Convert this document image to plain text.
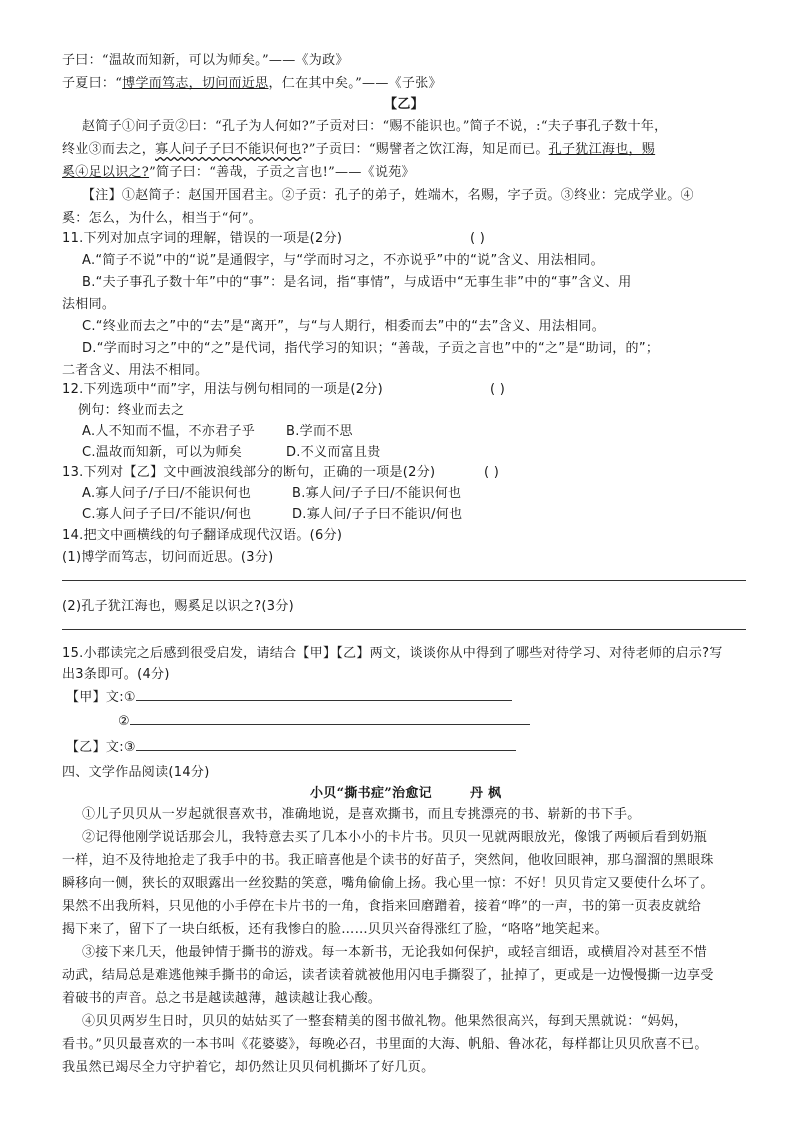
子曰：“温故而知新，可以为师矣。”——《为政》
子夏曰：“博学而笃志，切问而近思，仁在其中矣。”——《子张》
【乙】
赵简子①问子贡②曰：“孔子为人何如?”子贡对曰：“赐不能识也。”简子不说，:“夫子事孔子数十年，
终业③而去之，寡人问子子曰不能识何也?”子贡曰：“赐譬者之饮江海，知足而已。孔子犹江海也，赐
奚④足以识之?”简子曰：“善哉，子贡之言也!”——《说苑》
【注】①赵简子：赵国开国君主。②子贡：孔子的弟子，姓端木，名赐，字子贡。③终业：完成学业。④
奚：怎么，为什么，相当于“何”。
11.下列对加点字词的理解，错误的一项是(2分)	( )
A.“简子不说”中的“说”是通假字，与“学而时习之，不亦说乎”中的“说”含义、用法相同。
B.“夫子事孔子数十年”中的“事”：是名词，指“事情”，与成语中“无事生非”中的“事”含义、用
法相同。
C.“终业而去之”中的“去”是“离开”，与“与人期行，相委而去”中的“去”含义、用法相同。
D.“学而时习之”中的“之”是代词，指代学习的知识；“善哉，子贡之言也”中的“之”是“助词，的”；
二者含义、用法不相同。
12.下列选项中“而”字，用法与例句相同的一项是(2分)	( )
例句：终业而去之
A.人不知而不愠，不亦君子乎 B.学而不思
C.温故而知新，可以为师矣	D.不义而富且贵
13.下列对【乙】文中画波浪线部分的断句，正确的一项是(2分)	( )
A.寡人问子/子曰/不能识何也	B.寡人问/子子曰/不能识何也
C.寡人问子子曰/不能识/何也	D.寡人问/子子曰不能识/何也
14.把文中画横线的句子翻译成现代汉语。(6分)
(1)博学而笃志，切问而近思。(3分)
(2)孔子犹江海也，赐奚足以识之?(3分)
15.小郡读完之后感到很受启发，请结合【甲】【乙】两文，谈谈你从中得到了哪些对待学习、对待老师的启示?写
出3条即可。(4分)
【甲】文:①
②
【乙】文:③
四、文学作品阅读(14分)
小贝“撕书症”治愈记	丹 枫
①儿子贝贝从一岁起就很喜欢书，准确地说，是喜欢撕书，而且专挑漂亮的书、崭新的书下手。
②记得他刚学说话那会儿，我特意去买了几本小小的卡片书。贝贝一见就两眼放光，像饿了两顿后看到奶瓶
一样，迫不及待地抢走了我手中的书。我正暗喜他是个读书的好苗子，突然间，他收回眼神，那乌溜溜的黑眼珠
瞬移向一侧，狭长的双眼露出一丝狡黠的笑意，嘴角偷偷上扬。我心里一惊：不好！贝贝肯定又要使什么坏了。
果然不出我所料，只见他的小手停在卡片书的一角，食指来回磨蹭着，接着“哗”的一声，书的第一页表皮就给
揭下来了，留下了一块白纸板，还有我惨白的脸……贝贝兴奋得涨红了脸，“咯咯”地笑起来。
③接下来几天，他最钟情于撕书的游戏。每一本新书，无论我如何保护，或轻言细语，或横眉冷对甚至不惜
动武，结局总是难逃他辣手撕书的命运，读者读着就被他用闪电手撕裂了，扯掉了，更或是一边慢慢撕一边享受
着破书的声音。总之书是越读越薄，越读越让我心酸。
④贝贝两岁生日时，贝贝的姑姑买了一整套精美的图书做礼物。他果然很高兴，每到天黑就说：“妈妈，
看书。”贝贝最喜欢的一本书叫《花婆婆》，每晚必召，书里面的大海、帆船、鲁冰花，每样都让贝贝欣喜不已。
我虽然已竭尽全力守护着它，却仍然让贝贝伺机撕坏了好几页。
